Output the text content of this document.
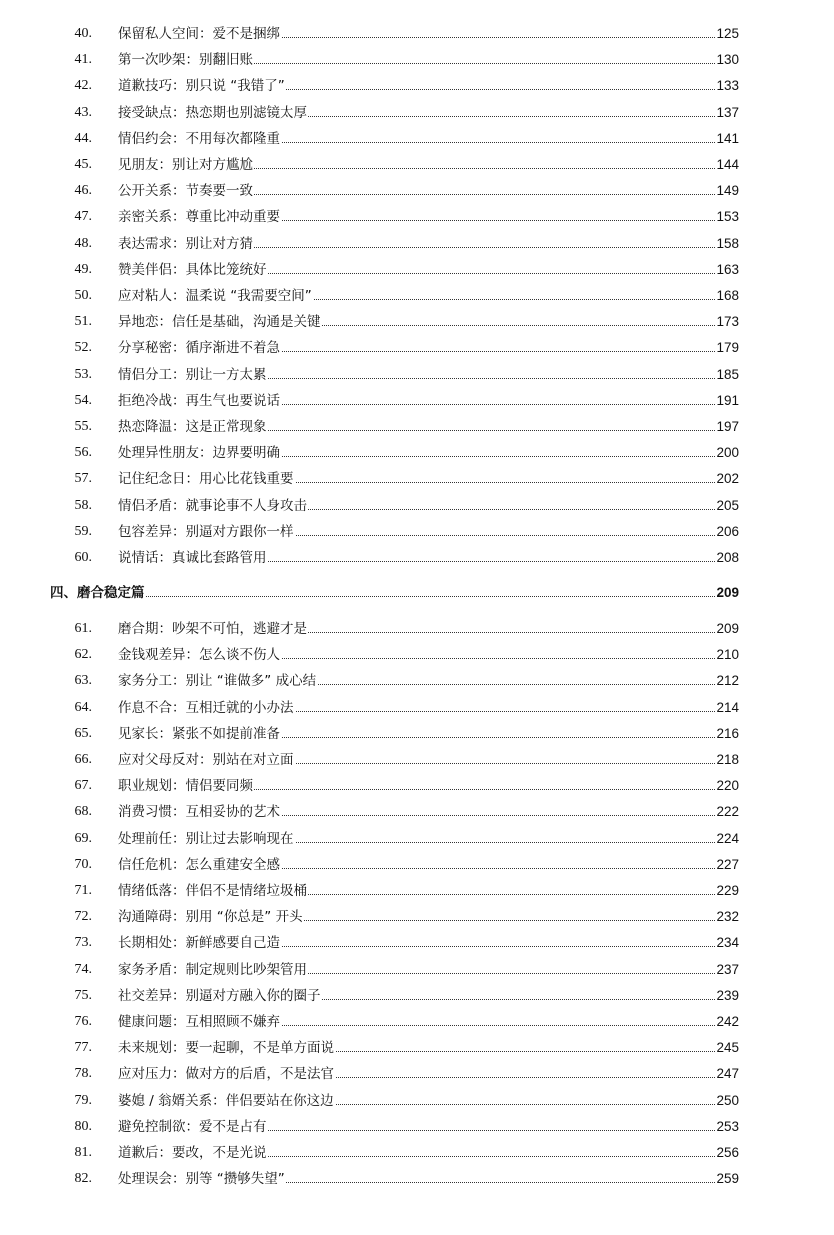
40. 保留私人空间：爱不是捆绑	125
41. 第一次吵架：别翻旧账	130
42. 道歉技巧：别只说 “我错了”	133
43. 接受缺点：热恋期也别滤镜太厚	137
44. 情侣约会：不用每次都隆重	141
45. 见朋友：别让对方尴尬	144
46. 公开关系：节奏要一致	149
47. 亲密关系：尊重比冲动重要	153
48. 表达需求：别让对方猜	158
49. 赞美伴侣：具体比笼统好	163
50. 应对粘人：温柔说 “我需要空间”	168
51. 异地恋：信任是基础，沟通是关键	173
52. 分享秘密：循序渐进不着急	179
53. 情侣分工：别让一方太累	185
54. 拒绝冷战：再生气也要说话	191
55. 热恋降温：这是正常现象	197
56. 处理异性朋友：边界要明确	200
57. 记住纪念日：用心比花钱重要	202
58. 情侣矛盾：就事论事不人身攻击	205
59. 包容差异：别逼对方跟你一样	206
60. 说情话：真诚比套路管用	208
四、磨合稳定篇	209
61. 磨合期：吵架不可怕，逃避才是	209
62. 金钱观差异：怎么谈不伤人	210
63. 家务分工：别让 “谁做多” 成心结	212
64. 作息不合：互相迁就的小办法	214
65. 见家长：紧张不如提前准备	216
66. 应对父母反对：别站在对立面	218
67. 职业规划：情侣要同频	220
68. 消费习惯：互相妥协的艺术	222
69. 处理前任：别让过去影响现在	224
70. 信任危机：怎么重建安全感	227
71. 情绪低落：伴侣不是情绪垃圾桶	229
72. 沟通障碍：别用 “你总是” 开头	232
73. 长期相处：新鲜感要自己造	234
74. 家务矛盾：制定规则比吵架管用	237
75. 社交差异：别逼对方融入你的圈子	239
76. 健康问题：互相照顾不嫌弃	242
77. 未来规划：要一起聊，不是单方面说	245
78. 应对压力：做对方的后盾，不是法官	247
79. 婆媳 / 翁婿关系：伴侣要站在你这边	250
80. 避免控制欲：爱不是占有	253
81. 道歉后：要改，不是光说	256
82. 处理误会：别等 “攒够失望”	259
